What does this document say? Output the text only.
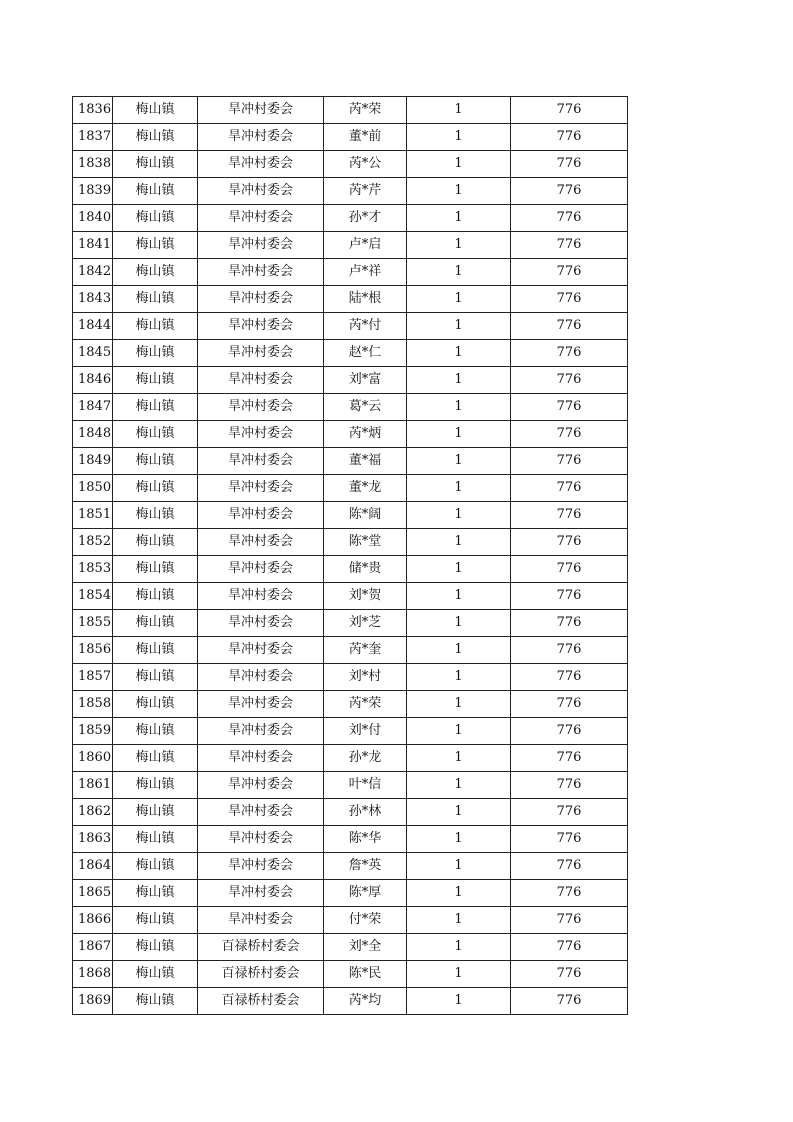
1836	梅山镇	旱冲村委会	芮*荣	1	776
1837	梅山镇	旱冲村委会	董*前	1	776
1838	梅山镇	旱冲村委会	芮*公	1	776
1839	梅山镇	旱冲村委会	芮*芹	1	776
1840	梅山镇	旱冲村委会	孙*才	1	776
1841	梅山镇	旱冲村委会	卢*启	1	776
1842	梅山镇	旱冲村委会	卢*祥	1	776
1843	梅山镇	旱冲村委会	陆*根	1	776
1844	梅山镇	旱冲村委会	芮*付	1	776
1845	梅山镇	旱冲村委会	赵*仁	1	776
1846	梅山镇	旱冲村委会	刘*富	1	776
1847	梅山镇	旱冲村委会	葛*云	1	776
1848	梅山镇	旱冲村委会	芮*炳	1	776
1849	梅山镇	旱冲村委会	董*福	1	776
1850	梅山镇	旱冲村委会	董*龙	1	776
1851	梅山镇	旱冲村委会	陈*阔	1	776
1852	梅山镇	旱冲村委会	陈*堂	1	776
1853	梅山镇	旱冲村委会	储*贵	1	776
1854	梅山镇	旱冲村委会	刘*贺	1	776
1855	梅山镇	旱冲村委会	刘*芝	1	776
1856	梅山镇	旱冲村委会	芮*奎	1	776
1857	梅山镇	旱冲村委会	刘*村	1	776
1858	梅山镇	旱冲村委会	芮*荣	1	776
1859	梅山镇	旱冲村委会	刘*付	1	776
1860	梅山镇	旱冲村委会	孙*龙	1	776
1861	梅山镇	旱冲村委会	叶*信	1	776
1862	梅山镇	旱冲村委会	孙*林	1	776
1863	梅山镇	旱冲村委会	陈*华	1	776
1864	梅山镇	旱冲村委会	詹*英	1	776
1865	梅山镇	旱冲村委会	陈*厚	1	776
1866	梅山镇	旱冲村委会	付*荣	1	776
1867	梅山镇	百禄桥村委会	刘*全	1	776
1868	梅山镇	百禄桥村委会	陈*民	1	776
1869	梅山镇	百禄桥村委会	芮*均	1	776
